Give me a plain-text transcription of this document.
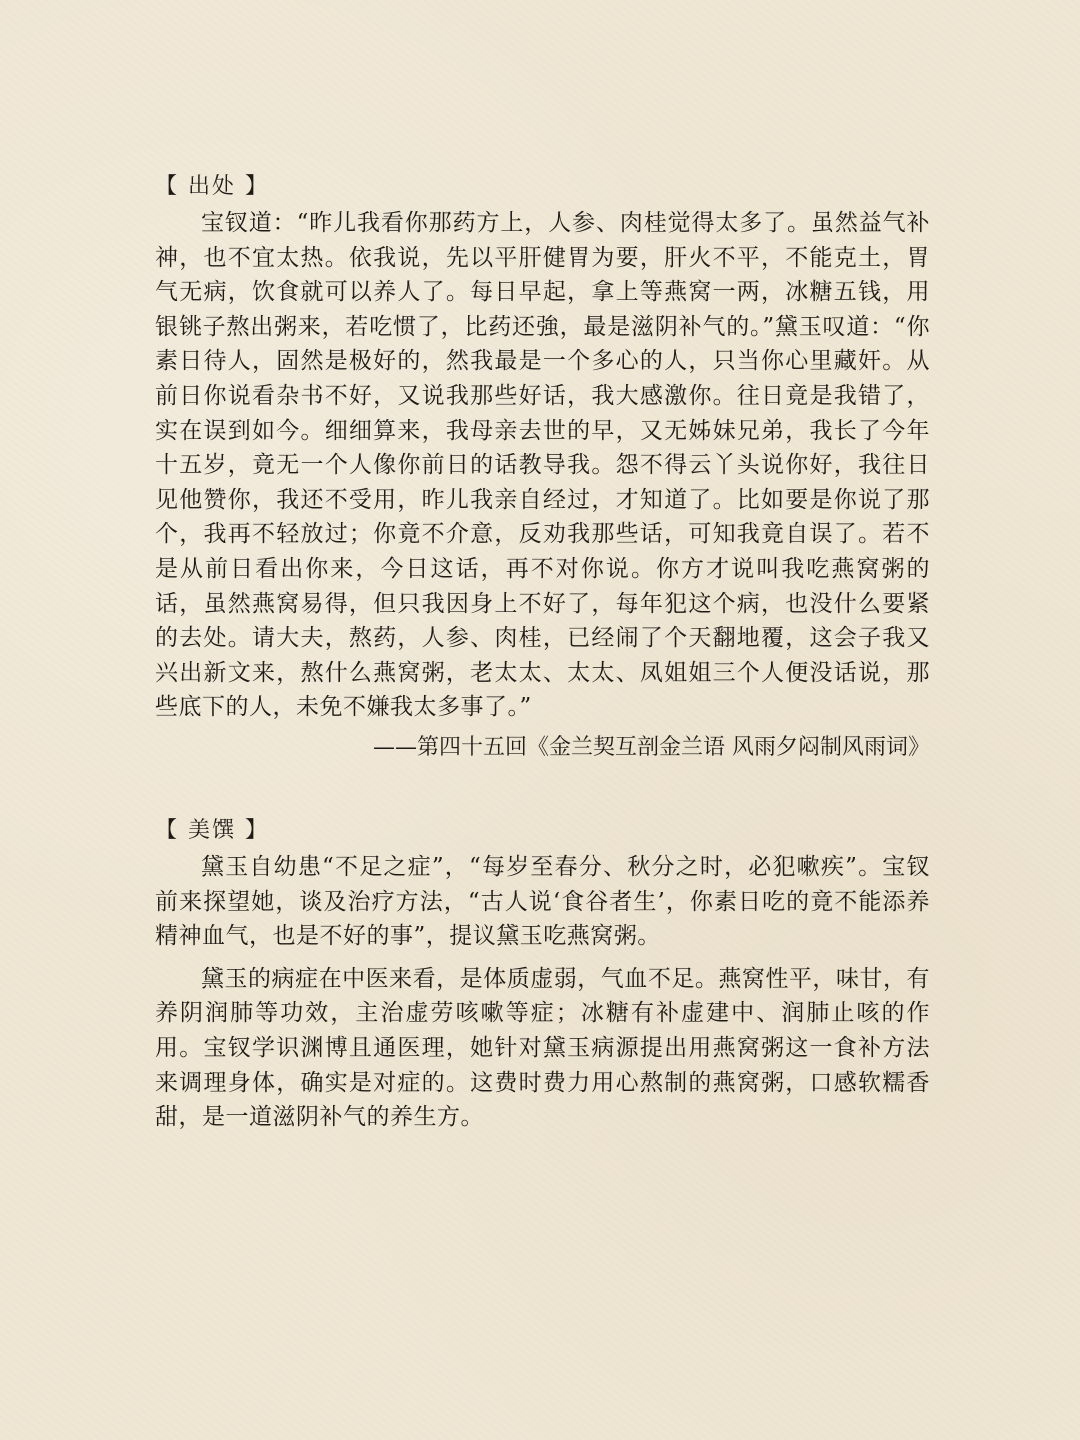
【 出处 】

宝钗道：“昨儿我看你那药方上，人参、肉桂觉得太多了。虽然益气补神，也不宜太热。依我说，先以平肝健胃为要，肝火不平，不能克土，胃气无病，饮食就可以养人了。每日早起，拿上等燕窝一两，冰糖五钱，用银铫子熬出粥来，若吃惯了，比药还強，最是滋阴补气的。”黛玉叹道：“你素日待人，固然是极好的，然我最是一个多心的人，只当你心里藏奸。从前日你说看杂书不好，又说我那些好话，我大感激你。往日竟是我错了，实在误到如今。细细算来，我母亲去世的早，又无姊妹兄弟，我长了今年十五岁，竟无一个人像你前日的话教导我。怨不得云丫头说你好，我往日见他赞你，我还不受用，昨儿我亲自经过，才知道了。比如要是你说了那个，我再不轻放过；你竟不介意，反劝我那些话，可知我竟自误了。若不是从前日看出你来，今日这话，再不对你说。你方才说叫我吃燕窝粥的话，虽然燕窝易得，但只我因身上不好了，每年犯这个病，也没什么要紧的去处。请大夫，熬药，人参、肉桂，已经闹了个天翻地覆，这会子我又兴出新文来，熬什么燕窝粥，老太太、太太、凤姐姐三个人便没话说，那些底下的人，未免不嫌我太多事了。”

——第四十五回《金兰契互剖金兰语 风雨夕闷制风雨词》
【 美馔 】

黛玉自幼患“不足之症”，“每岁至春分、秋分之时，必犯嗽疾”。宝钗前来探望她，谈及治疗方法，“古人说‘食谷者生’，你素日吃的竟不能添养精神血气，也是不好的事”，提议黛玉吃燕窝粥。

黛玉的病症在中医来看，是体质虚弱，气血不足。燕窝性平，味甘，有养阴润肺等功效，主治虚劳咳嗽等症；冰糖有补虚建中、润肺止咳的作用。宝钗学识渊博且通医理，她针对黛玉病源提出用燕窝粥这一食补方法来调理身体，确实是对症的。这费时费力用心熬制的燕窝粥，口感软糯香甜，是一道滋阴补气的养生方。
